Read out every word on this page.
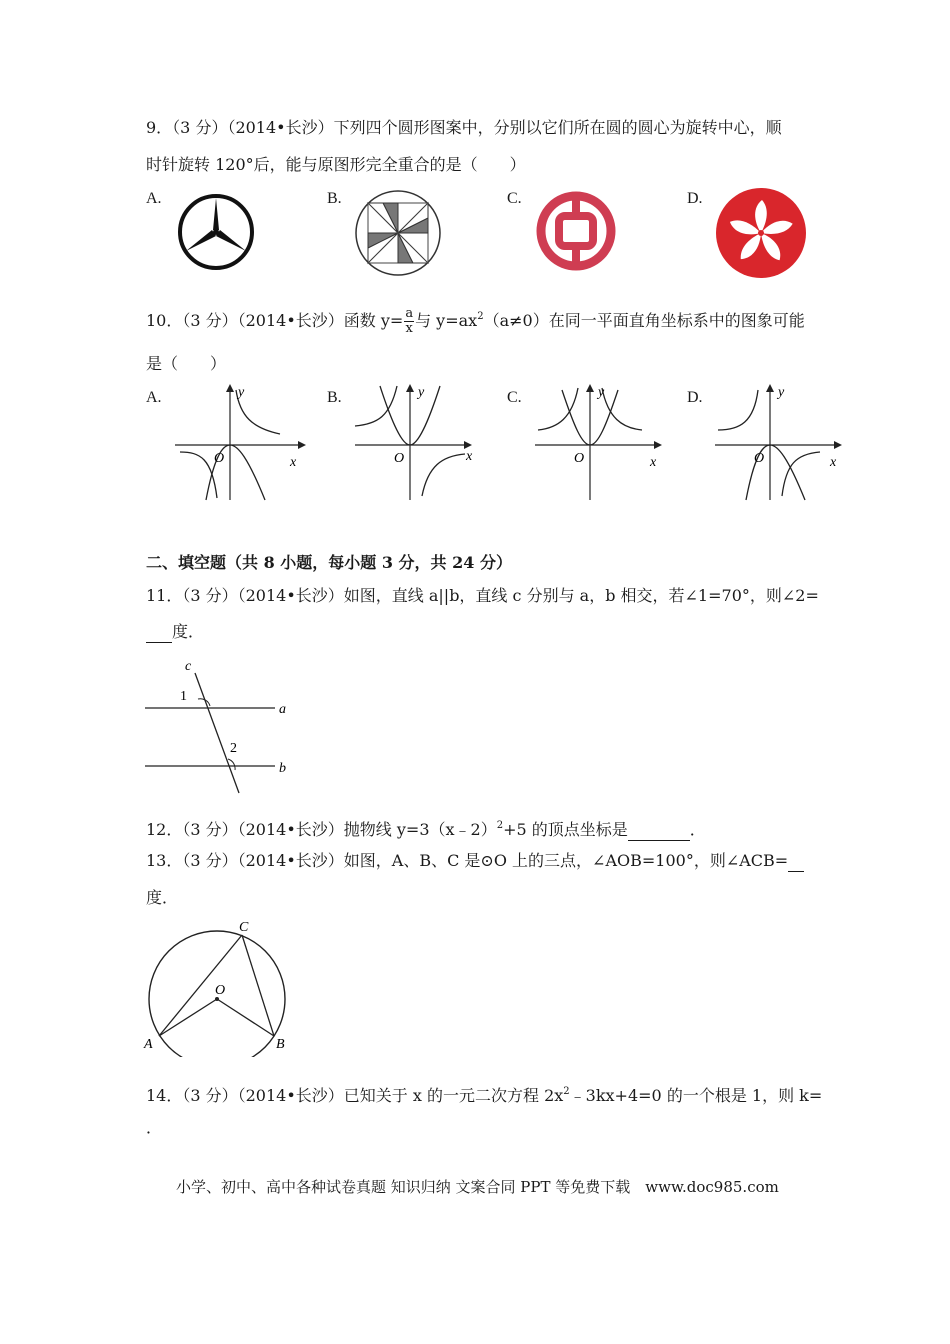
9．（3 分）（2014•长沙）下列四个圆形图案中，分别以它们所在圆的圆心为旋转中心，顺
时针旋转 120°后，能与原图形完全重合的是（　　）
A.	B.	C.	D.
10．（3 分）（2014•长沙）函数 $y= \frac{a}{x}$ 与 $y=ax^2(a\ne 0)$在同一平面直角坐标系中的图象可能
是（　　）
A.	B.	C.	D.
y
x
O
y
x
O
y
x
O
y
x
O
二、填空题（共 8 小题，每小题 3 分，共 24 分）
11．（3 分）（2014•长沙）如图，直线 a||b，直线 c 分别与 a，b 相交，若∠1=70°，则∠2=
度．
c
1
2
a
b
12．（3 分）（2014•长沙）抛物线 y=3（x﹣2）$^2$+5 的顶点坐标是	．
13．（3 分）（2014•长沙）如图，A、B、C 是⊙O 上的三点，∠AOB=100°，则∠ACB=
度．
C
O
A	B
14．（3 分）（2014•长沙）已知关于 x 的一元二次方程 $2x^2﹣3kx+4=0$ 的一个根是 1，则 k=
．
小学、初中、高中各种试卷真题 知识归纳 文案合同 PPT 等免费下载　www.doc985.com
